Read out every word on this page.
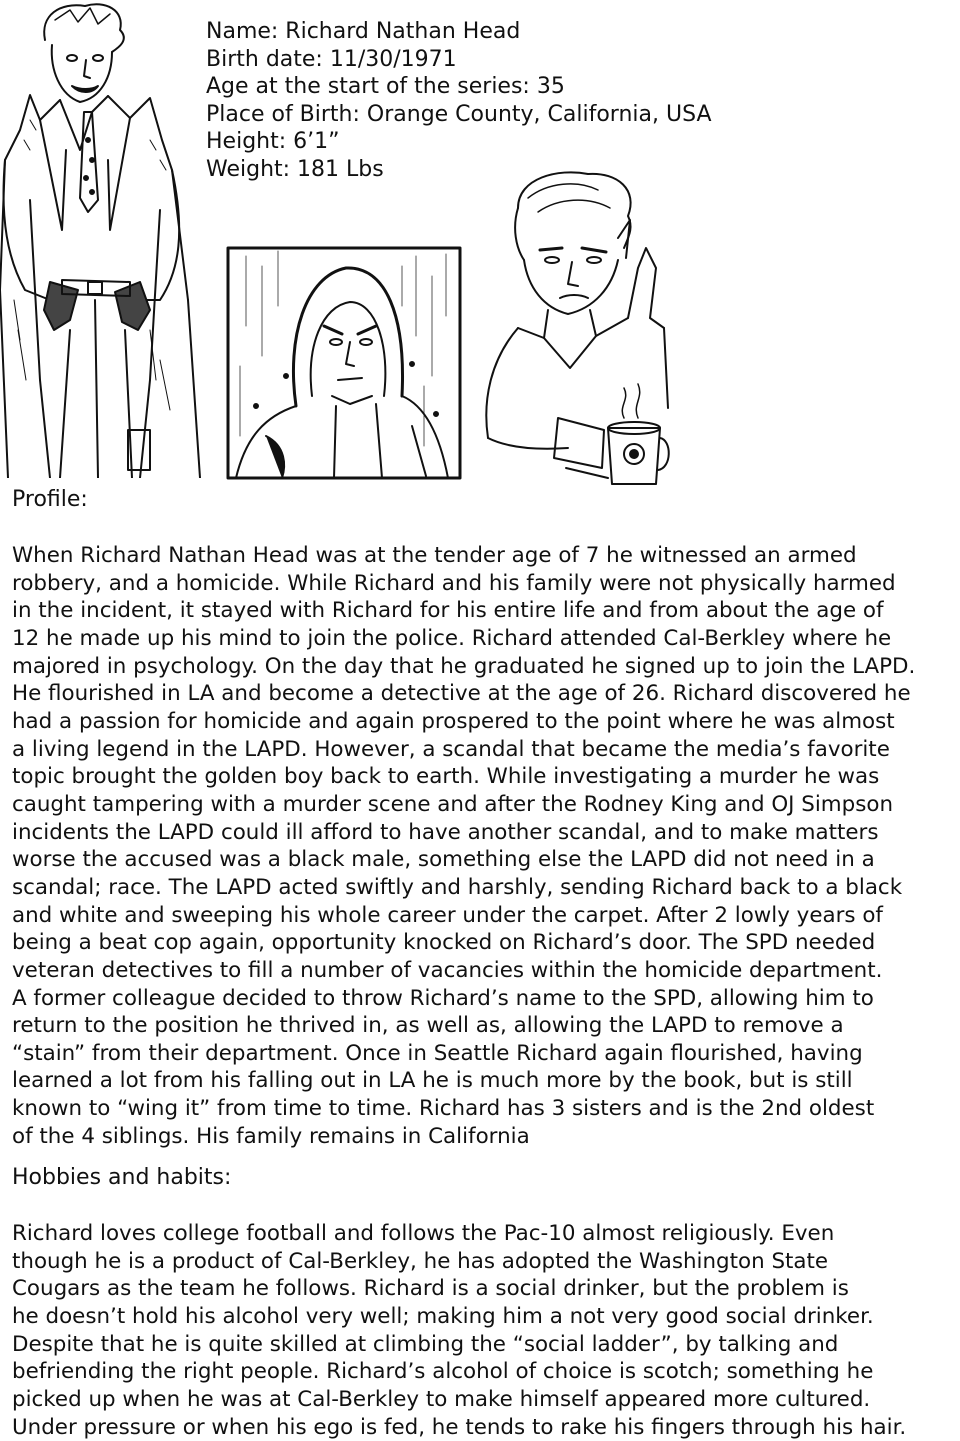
Name: Richard Nathan Head
Birth date: 11/30/1971
Age at the start of the series: 35
Place of Birth: Orange County, California, USA
Height: 6’1”
Weight: 181 Lbs
Profile:
When Richard Nathan Head was at the tender age of 7 he witnessed an armed
robbery, and a homicide. While Richard and his family were not physically harmed
in the incident, it stayed with Richard for his entire life and from about the age of
12 he made up his mind to join the police. Richard attended Cal-Berkley where he
majored in psychology. On the day that he graduated he signed up to join the LAPD.
He flourished in LA and become a detective at the age of 26. Richard discovered he
had a passion for homicide and again prospered to the point where he was almost
a living legend in the LAPD. However, a scandal that became the media’s favorite
topic brought the golden boy back to earth. While investigating a murder he was
caught tampering with a murder scene and after the Rodney King and OJ Simpson
incidents the LAPD could ill afford to have another scandal, and to make matters
worse the accused was a black male, something else the LAPD did not need in a
scandal; race. The LAPD acted swiftly and harshly, sending Richard back to a black
and white and sweeping his whole career under the carpet. After 2 lowly years of
being a beat cop again, opportunity knocked on Richard’s door. The SPD needed
veteran detectives to fill a number of vacancies within the homicide department.
A former colleague decided to throw Richard’s name to the SPD, allowing him to
return to the position he thrived in, as well as, allowing the LAPD to remove a
“stain” from their department. Once in Seattle Richard again flourished, having
learned a lot from his falling out in LA he is much more by the book, but is still
known to “wing it” from time to time. Richard has 3 sisters and is the 2nd oldest
of the 4 siblings. His family remains in California
Hobbies and habits:
Richard loves college football and follows the Pac-10 almost religiously. Even
though he is a product of Cal-Berkley, he has adopted the Washington State
Cougars as the team he follows. Richard is a social drinker, but the problem is
he doesn’t hold his alcohol very well; making him a not very good social drinker.
Despite that he is quite skilled at climbing the “social ladder”, by talking and
befriending the right people. Richard’s alcohol of choice is scotch; something he
picked up when he was at Cal-Berkley to make himself appeared more cultured.
Under pressure or when his ego is fed, he tends to rake his fingers through his hair.
